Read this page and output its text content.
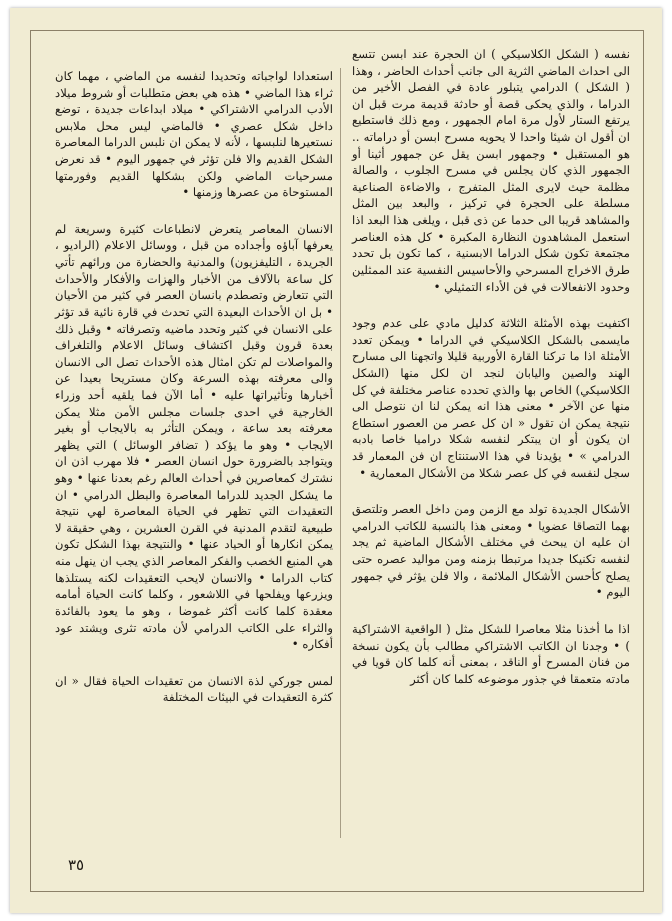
نفسه ( الشكل الكلاسيكي ) ان الحجرة عند ابسن تتسع الى احداث الماضي الثرية الى جانب أحداث الحاضر ، وهذا ( الشكل ) الدرامي يتبلور عادة في الفصل الأخير من الدراما ، والذي يحكى قصة أو حادثة قديمة مرت قبل ان يرتفع الستار لأول مرة امام الجمهور ، ومع ذلك فاستطيع ان أقول ان شيئا واحدا لا يحويه مسرح ابسن أو دراماته .. هو المستقبل • وجمهور ابسن يقل عن جمهور أثينا أو الجمهور الذي كان يجلس في مسرح الجلوب ، والصالة مظلمة حيث لايرى المثل المتفرج ، والاضاءة الصناعية مسلطة على الحجرة في تركيز ، والبعد بين المثل والمشاهد قريبا الى حدما عن ذى قبل ، ويلغى هذا البعد اذا استعمل المشاهدون النظارة المكبرة • كل هذه العناصر مجتمعة تكون شكل الدراما الابسنية ، كما تكون بل تحدد طرق الاخراج المسرحي والأحاسيس النفسية عند الممثلين وحدود الانفعالات في فن الأداء التمثيلي •

اكتفيت بهذه الأمثلة الثلاثة كدليل مادي على عدم وجود مايسمى بالشكل الكلاسيكي في الدراما • ويمكن تعدد الأمثلة اذا ما تركنا القارة الأوربية قليلا واتجهنا الى مسارح الهند والصين واليابان لنجد ان لكل منها (الشكل الكلاسيكي) الخاص بها والذي تحدده عناصر مختلفة في كل منها عن الآخر • معنى هذا انه يمكن لنا ان نتوصل الى نتيجة يمكن ان تقول « ان كل عصر من العصور استطاع ان يكون أو ان يبتكر لنفسه شكلا دراميا خاصا بادبه الدرامي » • يؤيدنا في هذا الاستنتاج ان فن المعمار قد سجل لنفسه في كل عصر شكلا من الأشكال المعمارية •

الأشكال الجديدة تولد مع الزمن ومن داخل العصر وتلتصق بهما التصاقا عضويا • ومعنى هذا بالنسبة للكاتب الدرامي ان عليه ان يبحث في مختلف الأشكال الماضية ثم يجد لنفسه تكنيكا جديدا مرتبطا بزمنه ومن مواليد عصره حتى يصلح كأحسن الأشكال الملائمة ، والا فلن يؤثر في جمهور اليوم •

اذا ما أخذنا مثلا معاصرا للشكل مثل ( الواقعية الاشتراكية ) • وجدنا ان الكاتب الاشتراكي مطالب بأن يكون نسخة من فنان المسرح أو الناقد ، بمعنى أنه كلما كان قويا في مادته متعمقا في جذور موضوعه كلما كان أكثر

استعدادا لواجباته وتحديدا لنفسه من الماضي ، مهما كان ثراء هذا الماضي • هذه هي بعض متطلبات أو شروط ميلاد الأدب الدرامي الاشتراكي • ميلاد ابداعات جديدة ، توضع داخل شكل عصري • فالماضي ليس محل ملابس نستعيرها لنلبسها ، لأنه لا يمكن ان نلبس الدراما المعاصرة الشكل القديم والا فلن تؤثر في جمهور اليوم • قد نعرض مسرحيات الماضي ولكن بشكلها القديم وفورمتها المستوحاة من عصرها وزمنها •

الانسان المعاصر يتعرض لانطباعات كثيرة وسريعة لم يعرفها آباؤه وأجداده من قبل ، ووسائل الاعلام (الراديو ، الجريدة ، التليفزيون) والمدنية والحضارة من ورائهم تأتي كل ساعة بالآلاف من الأخبار والهزات والأفكار والأحداث التي تتعارض وتصطدم بانسان العصر في كثير من الأحيان • بل ان الأحداث البعيدة التي تحدث في قارة نائية قد تؤثر على الانسان في كثير وتحدد ماضيه وتصرفاته • وقبل ذلك بعدة قرون وقبل اكتشاف وسائل الاعلام والتلغراف والمواصلات لم تكن امثال هذه الأحداث تصل الى الانسان والى معرفته بهذه السرعة وكان مستريحا بعيدا عن أخبارها وتأثيراتها عليه • أما الآن فما يلقيه أحد وزراء الخارجية في احدى جلسات مجلس الأمن مثلا يمكن معرفته بعد ساعة ، ويمكن التأثر به بالايجاب أو بغير الايجاب • وهو ما يؤكد ( تضافر الوسائل ) التي يظهر ويتواجد بالضرورة حول انسان العصر • فلا مهرب اذن ان نشترك كمعاصرين في أحداث العالم رغم بعدنا عنها • وهو ما يشكل الجديد للدراما المعاصرة والبطل الدرامي • ان التعقيدات التي تظهر في الحياة المعاصرة لهي نتيجة طبيعية لتقدم المدنية في القرن العشرين ، وهي حقيقة لا يمكن انكارها أو الحياد عنها • والنتيجة بهذا الشكل تكون هي المنبع الخصب والفكر المعاصر الذي يجب ان ينهل منه كتاب الدراما • والانسان لايحب التعقيدات لكنه يستلذها ويزرعها ويفلحها في اللاشعور ، وكلما كانت الحياة أمامه معقدة كلما كانت أكثر غموضا ، وهو ما يعود بالفائدة والثراء على الكاتب الدرامي لأن مادته تثرى ويشتد عود أفكاره •

لمس جوركي لذة الانسان من تعقيدات الحياة فقال « ان كثرة التعقيدات في البيئات المختلفة

٣٥
